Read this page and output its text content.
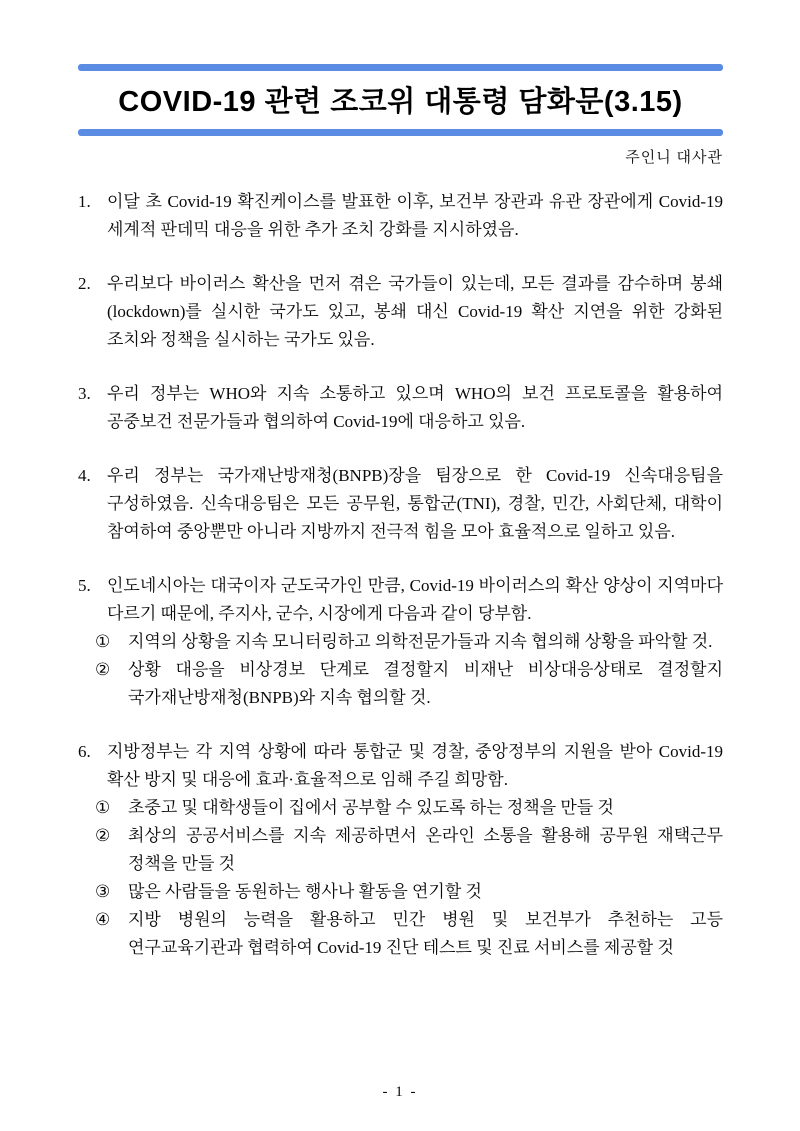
COVID-19 관련 조코위 대통령 담화문(3.15)
주인니 대사관
1. 이달 초 Covid-19 확진케이스를 발표한 이후, 보건부 장관과 유관 장관에게 Covid-19 세계적 판데믹 대응을 위한 추가 조치 강화를 지시하였음.
2. 우리보다 바이러스 확산을 먼저 겪은 국가들이 있는데, 모든 결과를 감수하며 봉쇄(lockdown)를 실시한 국가도 있고, 봉쇄 대신 Covid-19 확산 지연을 위한 강화된 조치와 정책을 실시하는 국가도 있음.
3. 우리 정부는 WHO와 지속 소통하고 있으며 WHO의 보건 프로토콜을 활용하여 공중보건 전문가들과 협의하여 Covid-19에 대응하고 있음.
4. 우리 정부는 국가재난방재청(BNPB)장을 팀장으로 한 Covid-19 신속대응팀을 구성하였음. 신속대응팀은 모든 공무원, 통합군(TNI), 경찰, 민간, 사회단체, 대학이 참여하여 중앙뿐만 아니라 지방까지 전극적 힘을 모아 효율적으로 일하고 있음.
5. 인도네시아는 대국이자 군도국가인 만큼, Covid-19 바이러스의 확산 양상이 지역마다 다르기 때문에, 주지사, 군수, 시장에게 다음과 같이 당부함.
① 지역의 상황을 지속 모니터링하고 의학전문가들과 지속 협의해 상황을 파악할 것.
② 상황 대응을 비상경보 단계로 결정할지 비재난 비상대응상태로 결정할지 국가재난방재청(BNPB)와 지속 협의할 것.
6. 지방정부는 각 지역 상황에 따라 통합군 및 경찰, 중앙정부의 지원을 받아 Covid-19 확산 방지 및 대응에 효과·효율적으로 임해 주길 희망함.
① 초중고 및 대학생들이 집에서 공부할 수 있도록 하는 정책을 만들 것
② 최상의 공공서비스를 지속 제공하면서 온라인 소통을 활용해 공무원 재택근무 정책을 만들 것
③ 많은 사람들을 동원하는 행사나 활동을 연기할 것
④ 지방 병원의 능력을 활용하고 민간 병원 및 보건부가 추천하는 고등 연구교육기관과 협력하여 Covid-19 진단 테스트 및 진료 서비스를 제공할 것
- 1 -
